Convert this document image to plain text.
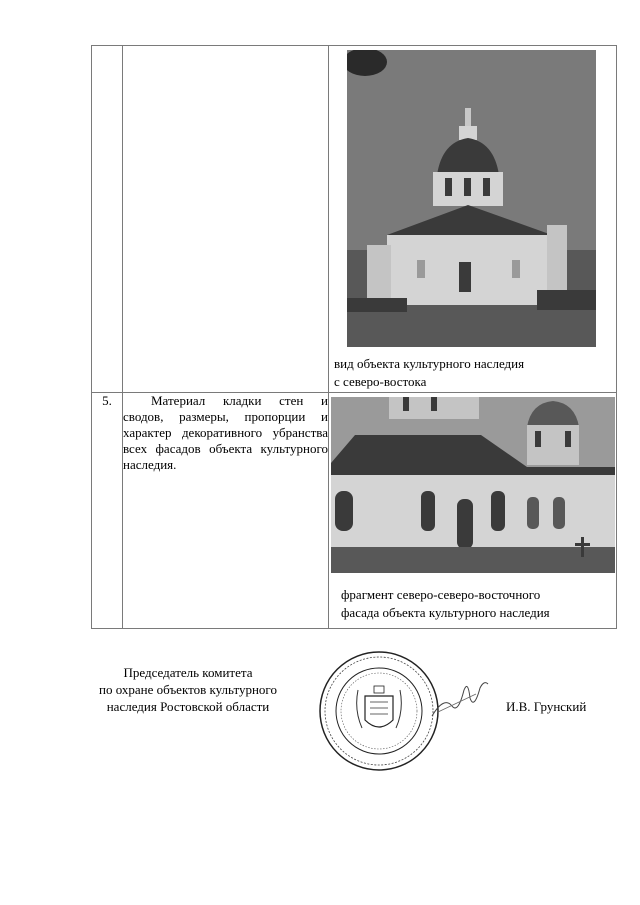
		вид объекта культурного наследия
с северо-востока

5.	Материал кладки стен и сводов, размеры, пропорции и характер декоративного убранства всех фасадов объекта культурного наследия.	фрагмент северо-северо-восточного
фасада объекта культурного наследия
Председатель комитета
по охране объектов культурного
наследия Ростовской области	И.В. Грунский
